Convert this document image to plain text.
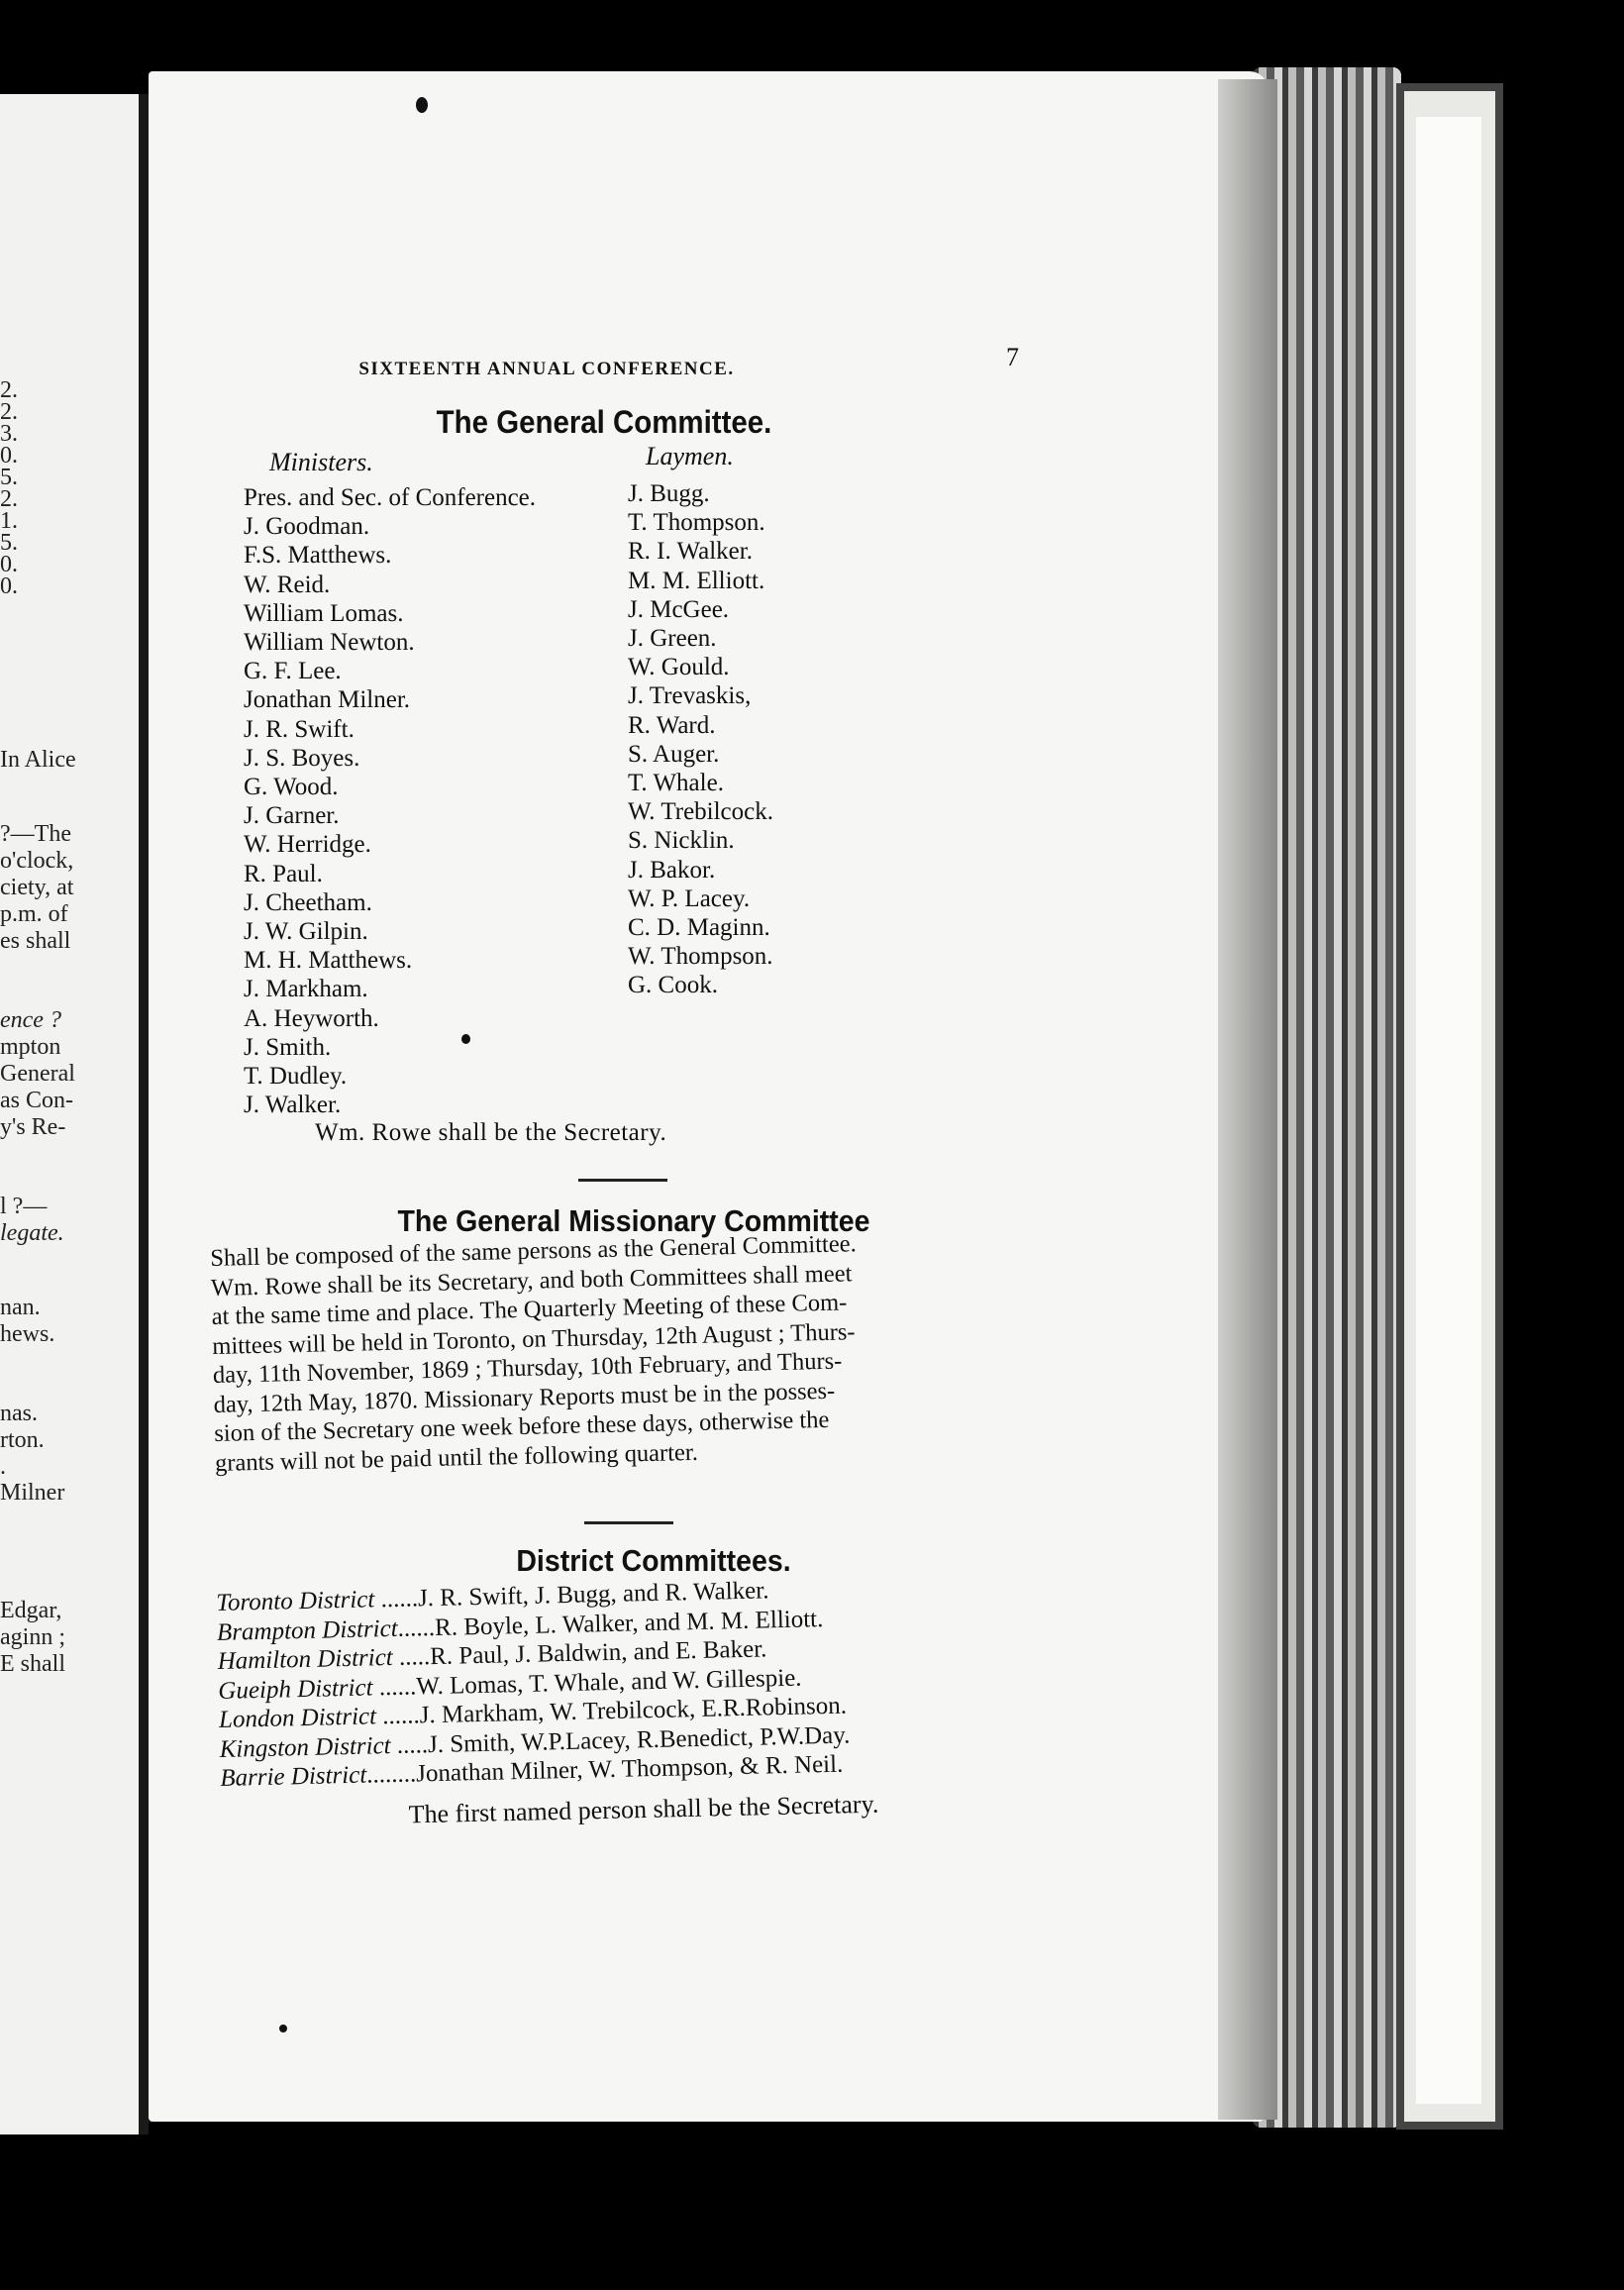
2.
2.
3.
0.
5.
2.
1.
5.
0.
0.
In Alice
?—The
o'clock,
ciety, at
p.m. of
es shall
ence ?
mpton
General
as Con-
y's Re-
l ?—
legate.
nan.
hews.
nas.
rton.
.
Milner
Edgar,
aginn ;
E shall
SIXTEENTH ANNUAL CONFERENCE.	7
The General Committee.
Ministers.	Laymen.
Pres. and Sec. of Conference.
J. Goodman.
F.S. Matthews.
W. Reid.
William Lomas.
William Newton.
G. F. Lee.
Jonathan Milner.
J. R. Swift.
J. S. Boyes.
G. Wood.
J. Garner.
W. Herridge.
R. Paul.
J. Cheetham.
J. W. Gilpin.
M. H. Matthews.
J. Markham.
A. Heyworth.
J. Smith.
T. Dudley.
J. Walker.
J. Bugg.
T. Thompson.
R. I. Walker.
M. M. Elliott.
J. McGee.
J. Green.
W. Gould.
J. Trevaskis,
R. Ward.
S. Auger.
T. Whale.
W. Trebilcock.
S. Nicklin.
J. Bakor.
W. P. Lacey.
C. D. Maginn.
W. Thompson.
G. Cook.
Wm. Rowe shall be the Secretary.
The General Missionary Committee
Shall be composed of the same persons as the General Committee.
Wm. Rowe shall be its Secretary, and both Committees shall meet
at the same time and place. The Quarterly Meeting of these Com-
mittees will be held in Toronto, on Thursday, 12th August ; Thurs-
day, 11th November, 1869 ; Thursday, 10th February, and Thurs-
day, 12th May, 1870. Missionary Reports must be in the posses-
sion of the Secretary one week before these days, otherwise the
grants will not be paid until the following quarter.
District Committees.
Toronto District ......J. R. Swift, J. Bugg, and R. Walker.
Brampton District......R. Boyle, L. Walker, and M. M. Elliott.
Hamilton District .....R. Paul, J. Baldwin, and E. Baker.
Gueiph District ......W. Lomas, T. Whale, and W. Gillespie.
London District ......J. Markham, W. Trebilcock, E.R.Robinson.
Kingston District .....J. Smith, W.P.Lacey, R.Benedict, P.W.Day.
Barrie District........Jonathan Milner, W. Thompson, & R. Neil.
The first named person shall be the Secretary.
